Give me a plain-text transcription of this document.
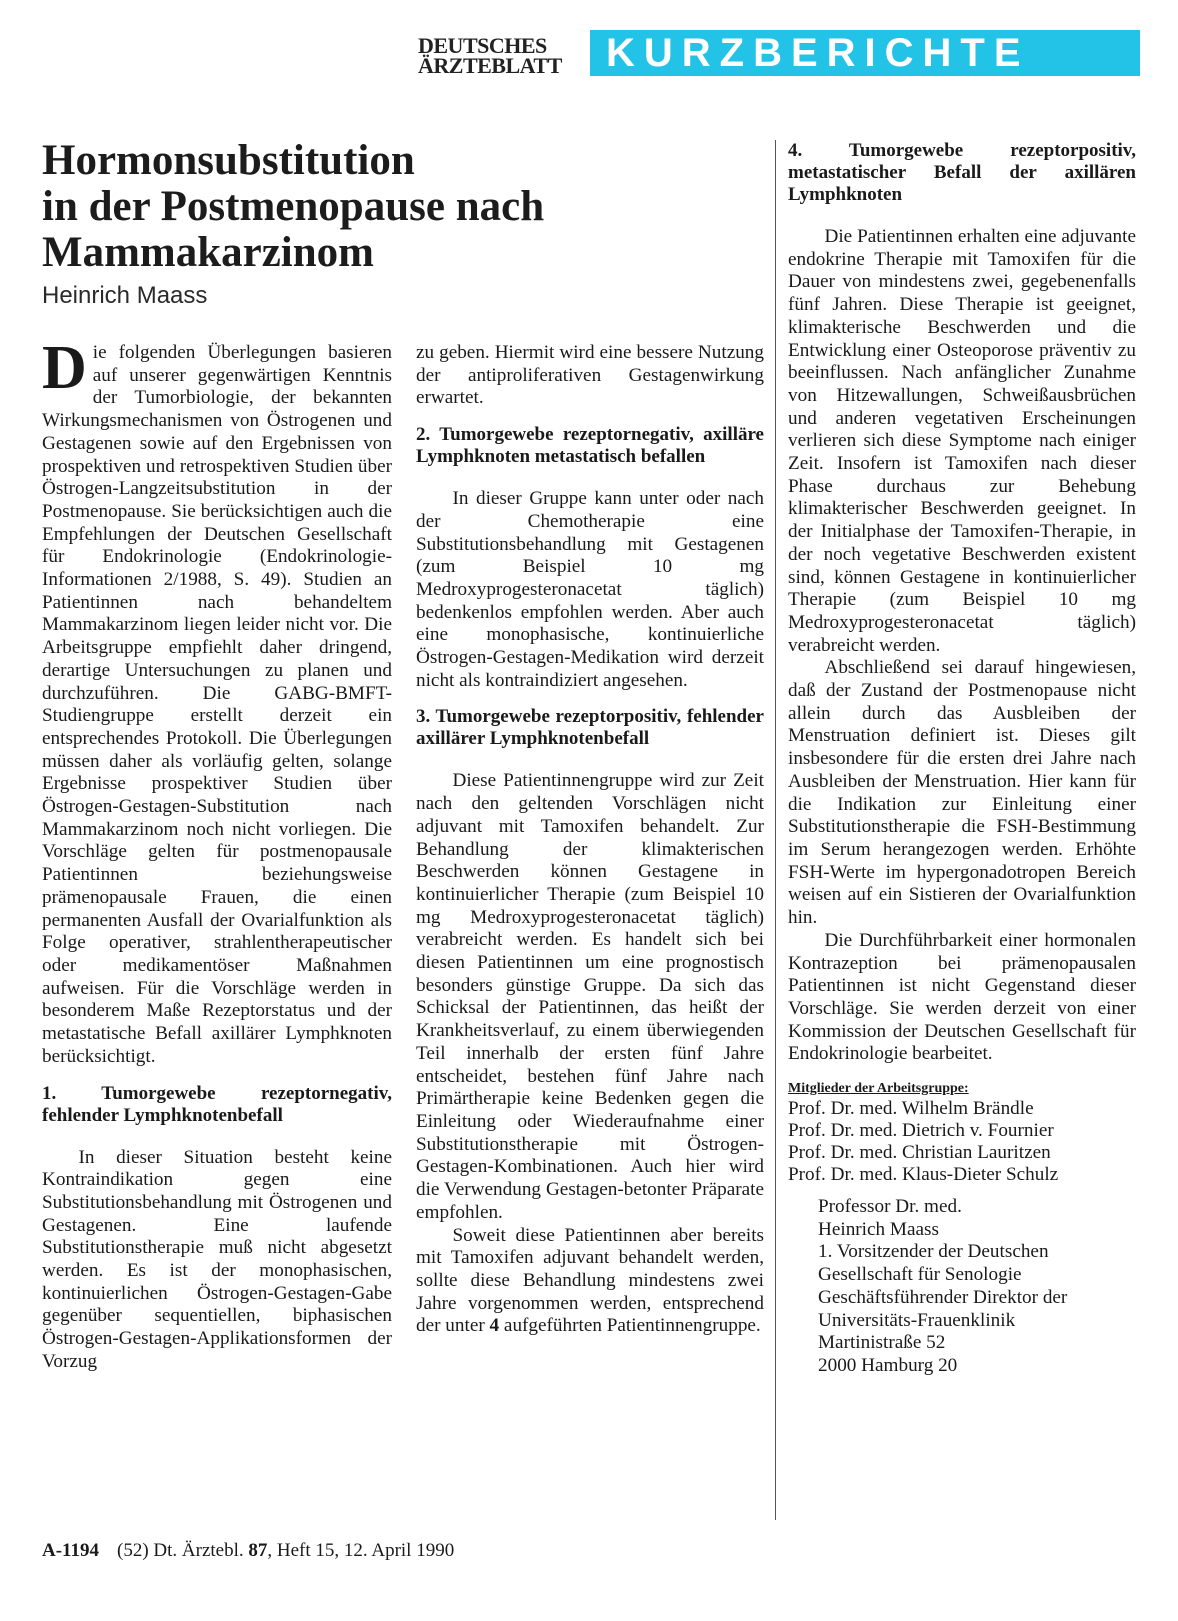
DEUTSCHES
ÄRZTEBLATT	KURZBERICHTE
Hormonsubstitution
in der Postmenopause nach
Mammakarzinom
Heinrich Maass

Die folgenden Überlegungen basieren auf unserer gegenwärtigen Kenntnis der Tumorbiologie, der bekannten Wirkungsmechanismen von Östrogenen und Gestagenen sowie auf den Ergebnissen von prospektiven und retrospektiven Studien über Östrogen-Langzeitsubstitution in der Postmenopause. Sie berücksichtigen auch die Empfehlungen der Deutschen Gesellschaft für Endokrinologie (Endokrinologie-Informationen 2/1988, S. 49). Studien an Patientinnen nach behandeltem Mammakarzinom liegen leider nicht vor. Die Arbeitsgruppe empfiehlt daher dringend, derartige Untersuchungen zu planen und durchzuführen. Die GABG-BMFT-Studiengruppe erstellt derzeit ein entsprechendes Protokoll. Die Überlegungen müssen daher als vorläufig gelten, solange Ergebnisse prospektiver Studien über Östrogen-Gestagen-Substitution nach Mammakarzinom noch nicht vorliegen. Die Vorschläge gelten für postmenopausale Patientinnen beziehungsweise prämenopausale Frauen, die einen permanenten Ausfall der Ovarialfunktion als Folge operativer, strahlentherapeutischer oder medikamentöser Maßnahmen aufweisen. Für die Vorschläge werden in besonderem Maße Rezeptorstatus und der metastatische Befall axillärer Lymphknoten berücksichtigt.

1. Tumorgewebe rezeptornegativ, fehlender Lymphknotenbefall

In dieser Situation besteht keine Kontraindikation gegen eine Substitutionsbehandlung mit Östrogenen und Gestagenen. Eine laufende Substitutionstherapie muß nicht abgesetzt werden. Es ist der monophasischen, kontinuierlichen Östrogen-Gestagen-Gabe gegenüber sequentiellen, biphasischen Östrogen-Gestagen-Applikationsformen der Vorzug

zu geben. Hiermit wird eine bessere Nutzung der antiproliferativen Gestagenwirkung erwartet.

2. Tumorgewebe rezeptornegativ, axilläre Lymphknoten metastatisch befallen

In dieser Gruppe kann unter oder nach der Chemotherapie eine Substitutionsbehandlung mit Gestagenen (zum Beispiel 10 mg Medroxyprogesteronacetat täglich) bedenkenlos empfohlen werden. Aber auch eine monophasische, kontinuierliche Östrogen-Gestagen-Medikation wird derzeit nicht als kontraindiziert angesehen.

3. Tumorgewebe rezeptorpositiv, fehlender axillärer Lymphknotenbefall

Diese Patientinnengruppe wird zur Zeit nach den geltenden Vorschlägen nicht adjuvant mit Tamoxifen behandelt. Zur Behandlung der klimakterischen Beschwerden können Gestagene in kontinuierlicher Therapie (zum Beispiel 10 mg Medroxyprogesteronacetat täglich) verabreicht werden. Es handelt sich bei diesen Patientinnen um eine prognostisch besonders günstige Gruppe. Da sich das Schicksal der Patientinnen, das heißt der Krankheitsverlauf, zu einem überwiegenden Teil innerhalb der ersten fünf Jahre entscheidet, bestehen fünf Jahre nach Primärtherapie keine Bedenken gegen die Einleitung oder Wiederaufnahme einer Substitutionstherapie mit Östrogen-Gestagen-Kombinationen. Auch hier wird die Verwendung Gestagen-betonter Präparate empfohlen.

Soweit diese Patientinnen aber bereits mit Tamoxifen adjuvant behandelt werden, sollte diese Behandlung mindestens zwei Jahre vorgenommen werden, entsprechend der unter 4 aufgeführten Patientinnengruppe.

4. Tumorgewebe rezeptorpositiv, metastatischer Befall der axillären Lymphknoten

Die Patientinnen erhalten eine adjuvante endokrine Therapie mit Tamoxifen für die Dauer von mindestens zwei, gegebenenfalls fünf Jahren. Diese Therapie ist geeignet, klimakterische Beschwerden und die Entwicklung einer Osteoporose präventiv zu beeinflussen. Nach anfänglicher Zunahme von Hitzewallungen, Schweißausbrüchen und anderen vegetativen Erscheinungen verlieren sich diese Symptome nach einiger Zeit. Insofern ist Tamoxifen nach dieser Phase durchaus zur Behebung klimakterischer Beschwerden geeignet. In der Initialphase der Tamoxifen-Therapie, in der noch vegetative Beschwerden existent sind, können Gestagene in kontinuierlicher Therapie (zum Beispiel 10 mg Medroxyprogesteronacetat täglich) verabreicht werden.

Abschließend sei darauf hingewiesen, daß der Zustand der Postmenopause nicht allein durch das Ausbleiben der Menstruation definiert ist. Dieses gilt insbesondere für die ersten drei Jahre nach Ausbleiben der Menstruation. Hier kann für die Indikation zur Einleitung einer Substitutionstherapie die FSH-Bestimmung im Serum herangezogen werden. Erhöhte FSH-Werte im hypergonadotropen Bereich weisen auf ein Sistieren der Ovarialfunktion hin.

Die Durchführbarkeit einer hormonalen Kontrazeption bei prämenopausalen Patientinnen ist nicht Gegenstand dieser Vorschläge. Sie werden derzeit von einer Kommission der Deutschen Gesellschaft für Endokrinologie bearbeitet.

Mitglieder der Arbeitsgruppe:

Prof. Dr. med. Wilhelm Brändle
Prof. Dr. med. Dietrich v. Fournier
Prof. Dr. med. Christian Lauritzen
Prof. Dr. med. Klaus-Dieter Schulz
Professor Dr. med.
Heinrich Maass
1. Vorsitzender der Deutschen
Gesellschaft für Senologie
Geschäftsführender Direktor der
Universitäts-Frauenklinik
Martinistraße 52
2000 Hamburg 20
A-1194 (52) Dt. Ärztebl. 87, Heft 15, 12. April 1990
